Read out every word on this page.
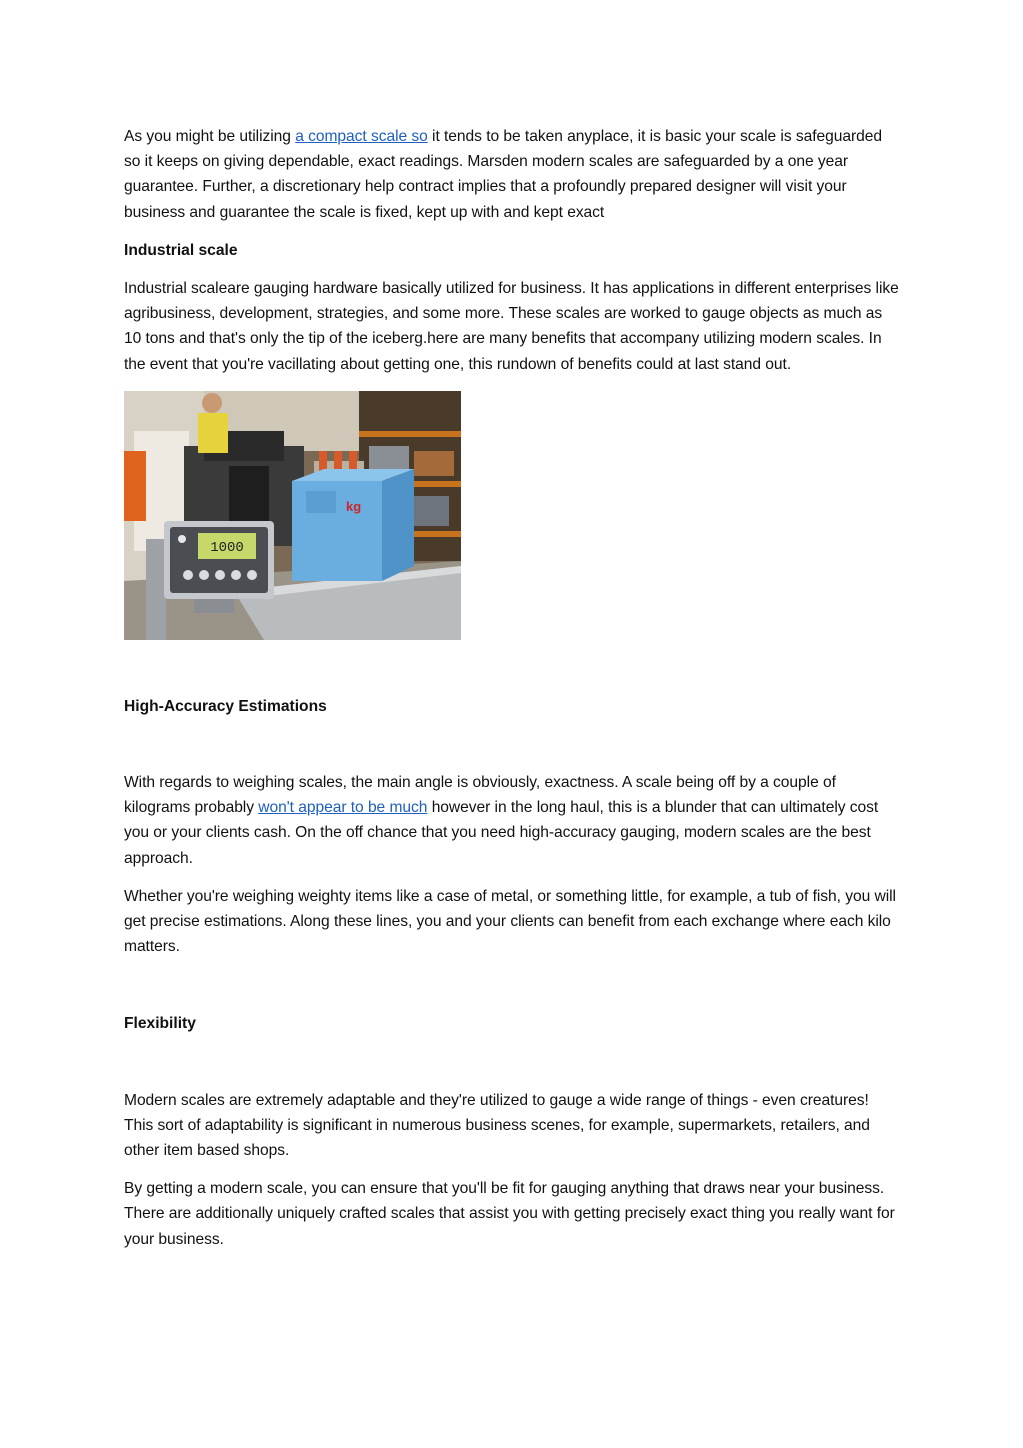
As you might be utilizing a compact scale so it tends to be taken anyplace, it is basic your scale is safeguarded so it keeps on giving dependable, exact readings. Marsden modern scales are safeguarded by a one year guarantee. Further, a discretionary help contract implies that a profoundly prepared designer will visit your business and guarantee the scale is fixed, kept up with and kept exact

Industrial scale

Industrial scaleare gauging hardware basically utilized for business. It has applications in different enterprises like agribusiness, development, strategies, and some more. These scales are worked to gauge objects as much as 10 tons and that's only the tip of the iceberg.here are many benefits that accompany utilizing modern scales. In the event that you're vacillating about getting one, this rundown of benefits could at last stand out.

kg
1000
High-Accuracy Estimations

With regards to weighing scales, the main angle is obviously, exactness. A scale being off by a couple of kilograms probably won't appear to be much however in the long haul, this is a blunder that can ultimately cost you or your clients cash. On the off chance that you need high-accuracy gauging, modern scales are the best approach.

Whether you're weighing weighty items like a case of metal, or something little, for example, a tub of fish, you will get precise estimations. Along these lines, you and your clients can benefit from each exchange where each kilo matters.

Flexibility

Modern scales are extremely adaptable and they're utilized to gauge a wide range of things - even creatures! This sort of adaptability is significant in numerous business scenes, for example, supermarkets, retailers, and other item based shops.

By getting a modern scale, you can ensure that you'll be fit for gauging anything that draws near your business. There are additionally uniquely crafted scales that assist you with getting precisely exact thing you really want for your business.
